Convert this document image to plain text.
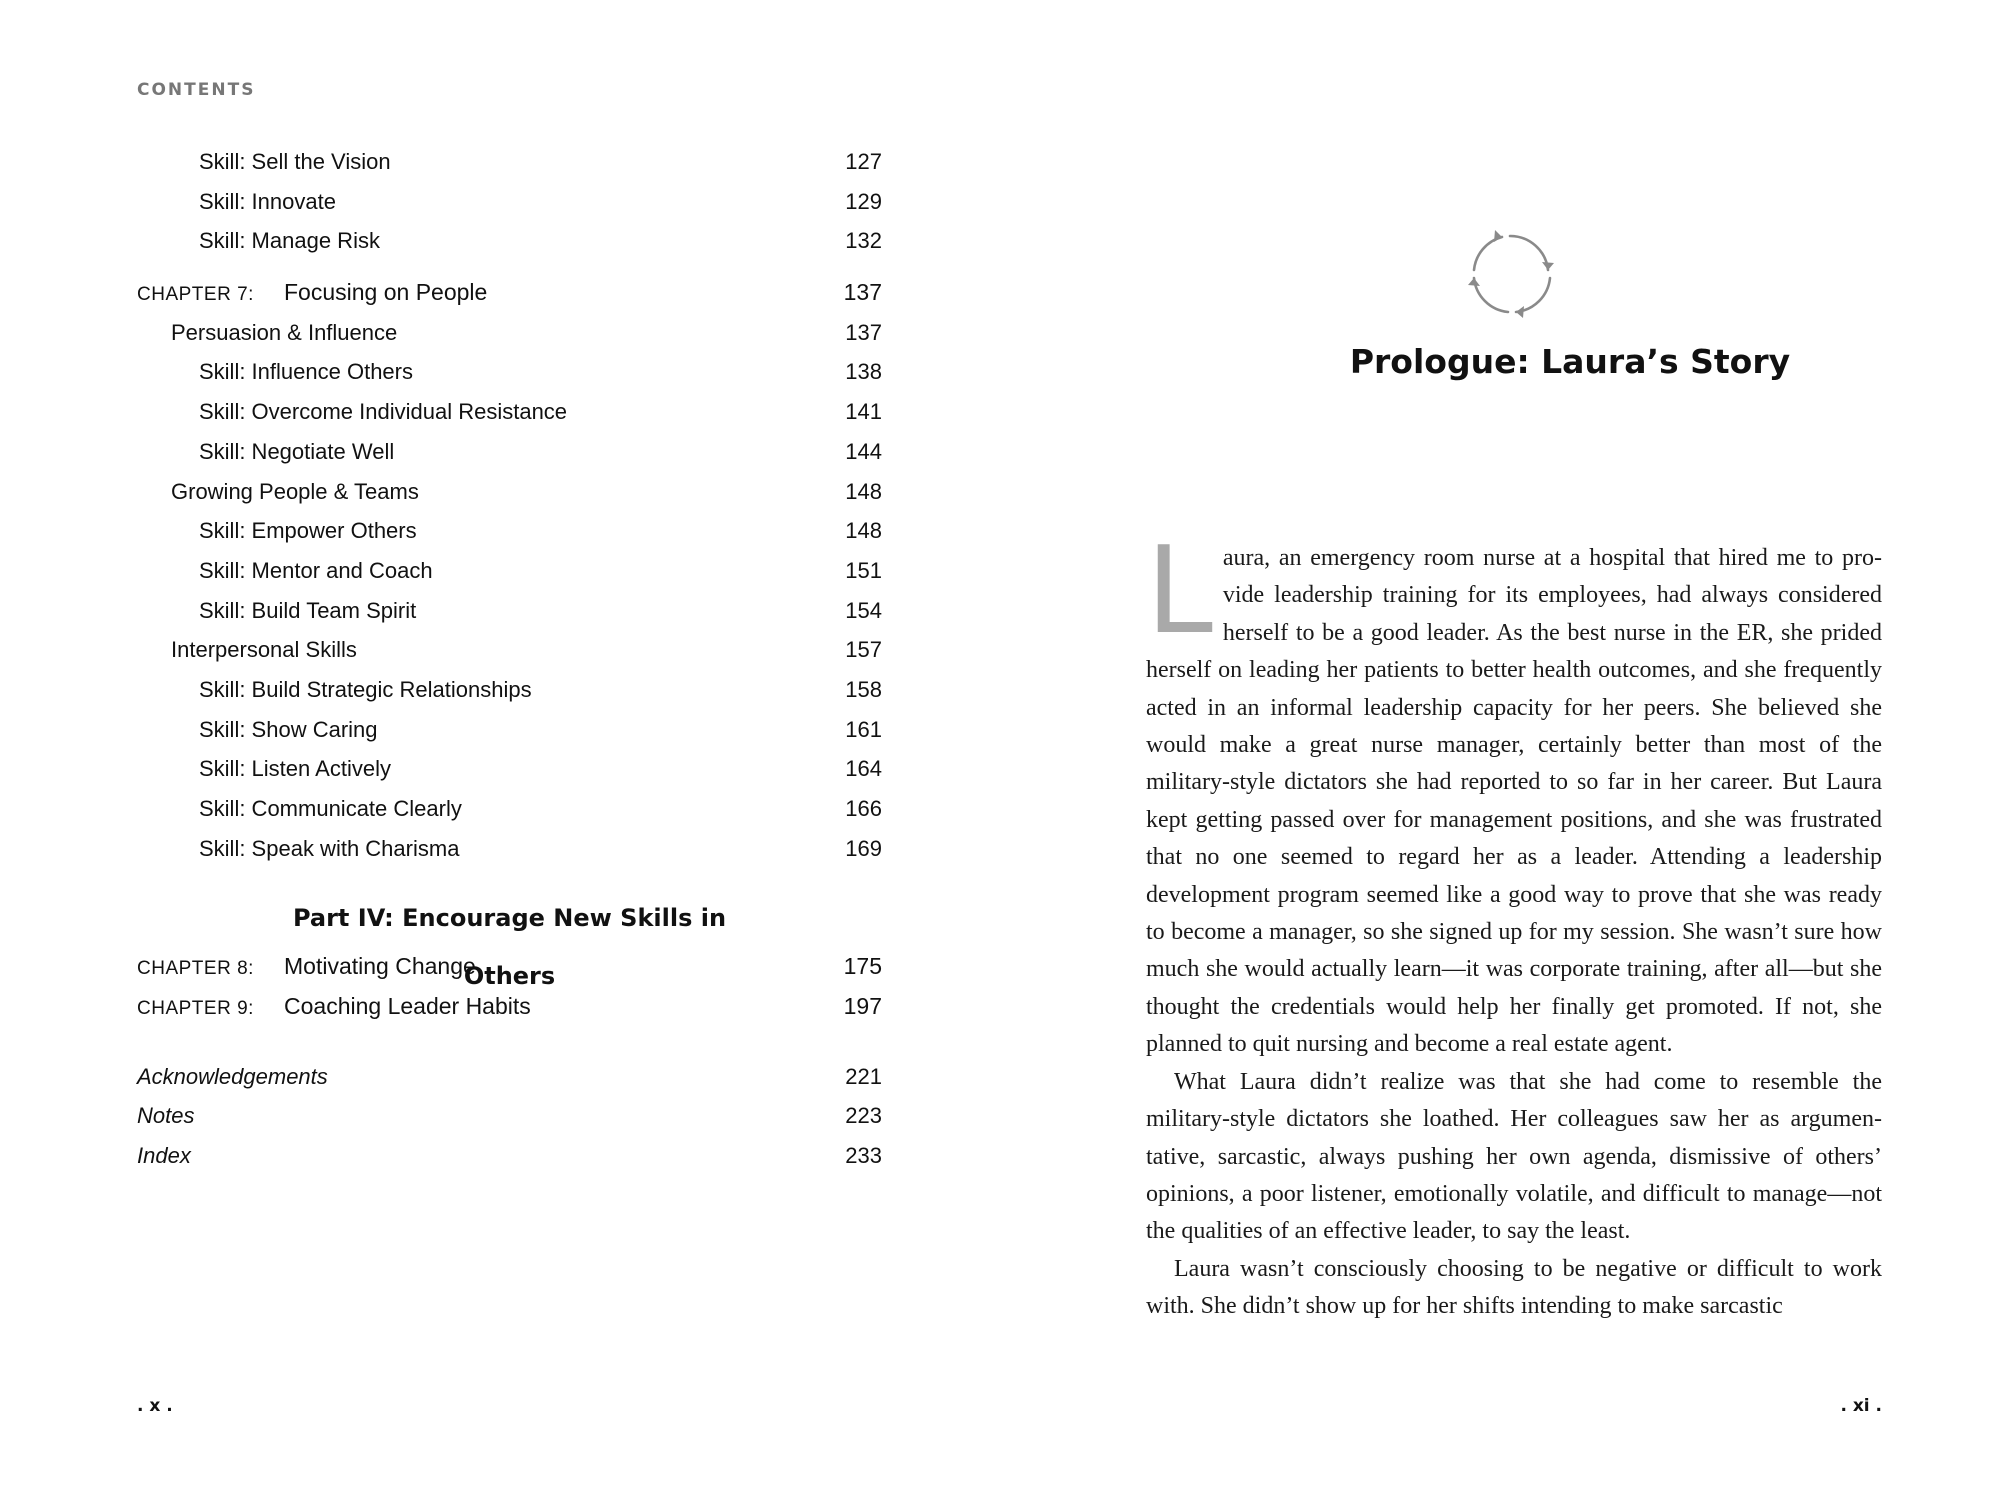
CONTENTS
Skill: Sell the Vision	127
Skill: Innovate	129
Skill: Manage Risk	132
CHAPTER 7: Focusing on People	137
Persuasion & Influence	137
Skill: Influence Others	138
Skill: Overcome Individual Resistance	141
Skill: Negotiate Well	144
Growing People & Teams	148
Skill: Empower Others	148
Skill: Mentor and Coach	151
Skill: Build Team Spirit	154
Interpersonal Skills	157
Skill: Build Strategic Relationships	158
Skill: Show Caring	161
Skill: Listen Actively	164
Skill: Communicate Clearly	166
Skill: Speak with Charisma	169
Part IV: Encourage New Skills in Others
CHAPTER 8: Motivating Change	175
CHAPTER 9: Coaching Leader Habits	197
Acknowledgements	221
Notes	223
Index	233
. x .
Prologue: Laura’s Story

Laura, an emergency room nurse at a hospital that hired me to provide leadership training for its employees, had always considered herself to be a good leader. As the best nurse in the ER, she prided herself on leading her patients to better health outcomes, and she frequently acted in an informal leadership capacity for her peers. She believed she would make a great nurse manager, certainly better than most of the military-style dictators she had reported to so far in her career. But Laura kept getting passed over for management positions, and she was frustrated that no one seemed to regard her as a leader. Attending a leadership development program seemed like a good way to prove that she was ready to become a manager, so she signed up for my session. She wasn’t sure how much she would actually learn—it was corporate training, after all—but she thought the credentials would help her finally get promoted. If not, she planned to quit nursing and become a real estate agent.

What Laura didn’t realize was that she had come to resemble the military-style dictators she loathed. Her colleagues saw her as argumentative, sarcastic, always pushing her own agenda, dismissive of others’ opinions, a poor listener, emotionally volatile, and difficult to manage—not the qualities of an effective leader, to say the least.

Laura wasn’t consciously choosing to be negative or difficult to work with. She didn’t show up for her shifts intending to make sarcastic

. xi .
